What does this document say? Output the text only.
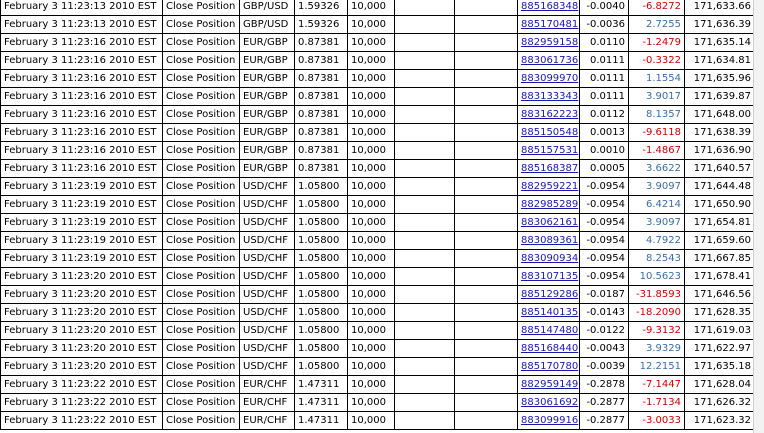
February 3 11:23:13 2010 EST	Close Position	GBP/USD	1.59326	10,000			885168348	-0.0040	-6.8272	171,633.66
February 3 11:23:13 2010 EST	Close Position	GBP/USD	1.59326	10,000			885170481	-0.0036	2.7255	171,636.39
February 3 11:23:16 2010 EST	Close Position	EUR/GBP	0.87381	10,000			882959158	0.0110	-1.2479	171,635.14
February 3 11:23:16 2010 EST	Close Position	EUR/GBP	0.87381	10,000			883061736	0.0111	-0.3322	171,634.81
February 3 11:23:16 2010 EST	Close Position	EUR/GBP	0.87381	10,000			883099970	0.0111	1.1554	171,635.96
February 3 11:23:16 2010 EST	Close Position	EUR/GBP	0.87381	10,000			883133343	0.0111	3.9017	171,639.87
February 3 11:23:16 2010 EST	Close Position	EUR/GBP	0.87381	10,000			883162223	0.0112	8.1357	171,648.00
February 3 11:23:16 2010 EST	Close Position	EUR/GBP	0.87381	10,000			885150548	0.0013	-9.6118	171,638.39
February 3 11:23:16 2010 EST	Close Position	EUR/GBP	0.87381	10,000			885157531	0.0010	-1.4867	171,636.90
February 3 11:23:16 2010 EST	Close Position	EUR/GBP	0.87381	10,000			885168387	0.0005	3.6622	171,640.57
February 3 11:23:19 2010 EST	Close Position	USD/CHF	1.05800	10,000			882959221	-0.0954	3.9097	171,644.48
February 3 11:23:19 2010 EST	Close Position	USD/CHF	1.05800	10,000			882985289	-0.0954	6.4214	171,650.90
February 3 11:23:19 2010 EST	Close Position	USD/CHF	1.05800	10,000			883062161	-0.0954	3.9097	171,654.81
February 3 11:23:19 2010 EST	Close Position	USD/CHF	1.05800	10,000			883089361	-0.0954	4.7922	171,659.60
February 3 11:23:19 2010 EST	Close Position	USD/CHF	1.05800	10,000			883090934	-0.0954	8.2543	171,667.85
February 3 11:23:20 2010 EST	Close Position	USD/CHF	1.05800	10,000			883107135	-0.0954	10.5623	171,678.41
February 3 11:23:20 2010 EST	Close Position	USD/CHF	1.05800	10,000			885129286	-0.0187	-31.8593	171,646.56
February 3 11:23:20 2010 EST	Close Position	USD/CHF	1.05800	10,000			885140135	-0.0143	-18.2090	171,628.35
February 3 11:23:20 2010 EST	Close Position	USD/CHF	1.05800	10,000			885147480	-0.0122	-9.3132	171,619.03
February 3 11:23:20 2010 EST	Close Position	USD/CHF	1.05800	10,000			885168440	-0.0043	3.9329	171,622.97
February 3 11:23:20 2010 EST	Close Position	USD/CHF	1.05800	10,000			885170780	-0.0039	12.2151	171,635.18
February 3 11:23:22 2010 EST	Close Position	EUR/CHF	1.47311	10,000			882959149	-0.2878	-7.1447	171,628.04
February 3 11:23:22 2010 EST	Close Position	EUR/CHF	1.47311	10,000			883061692	-0.2877	-1.7134	171,626.32
February 3 11:23:22 2010 EST	Close Position	EUR/CHF	1.47311	10,000			883099916	-0.2877	-3.0033	171,623.32
